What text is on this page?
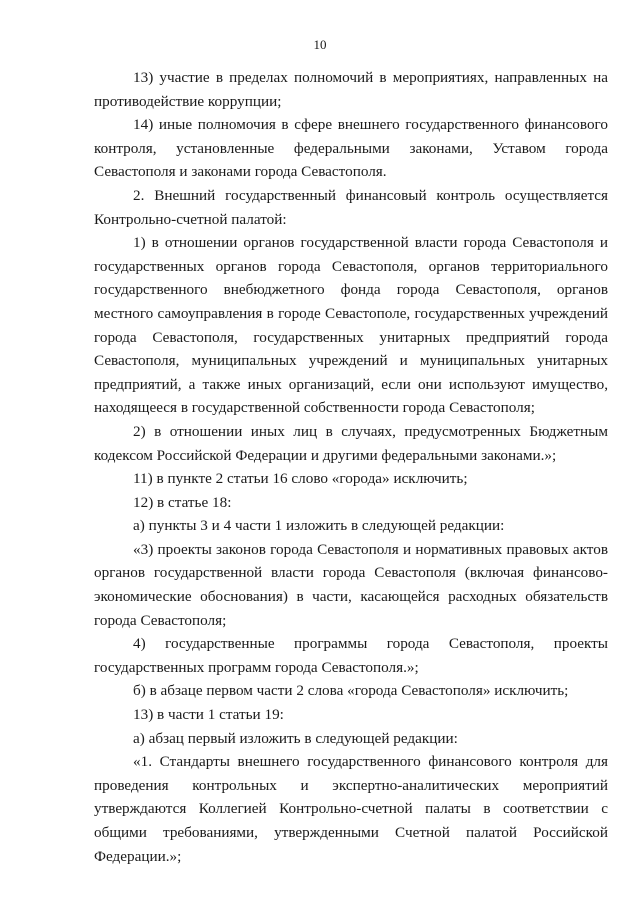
10

13) участие в пределах полномочий в мероприятиях, направленных на противодействие коррупции;

14) иные полномочия в сфере внешнего государственного финансового контроля, установленные федеральными законами, Уставом города Севастополя и законами города Севастополя.

2. Внешний государственный финансовый контроль осуществляется Контрольно-счетной палатой:

1) в отношении органов государственной власти города Севастополя и государственных органов города Севастополя, органов территориального государственного внебюджетного фонда города Севастополя, органов местного самоуправления в городе Севастополе, государственных учреждений города Севастополя, государственных унитарных предприятий города Севастополя, муниципальных учреждений и муниципальных унитарных предприятий, а также иных организаций, если они используют имущество, находящееся в государственной собственности города Севастополя;

2) в отношении иных лиц в случаях, предусмотренных Бюджетным кодексом Российской Федерации и другими федеральными законами.»;

11) в пункте 2 статьи 16 слово «города» исключить;

12) в статье 18:

а) пункты 3 и 4 части 1 изложить в следующей редакции:

«3) проекты законов города Севастополя и нормативных правовых актов органов государственной власти города Севастополя (включая финансово-экономические обоснования) в части, касающейся расходных обязательств города Севастополя;

4) государственные программы города Севастополя, проекты государственных программ города Севастополя.»;

б) в абзаце первом части 2 слова «города Севастополя» исключить;

13) в части 1 статьи 19:

а) абзац первый изложить в следующей редакции:

«1. Стандарты внешнего государственного финансового контроля для проведения контрольных и экспертно-аналитических мероприятий утверждаются Коллегией Контрольно-счетной палаты в соответствии с общими требованиями, утвержденными Счетной палатой Российской Федерации.»;
